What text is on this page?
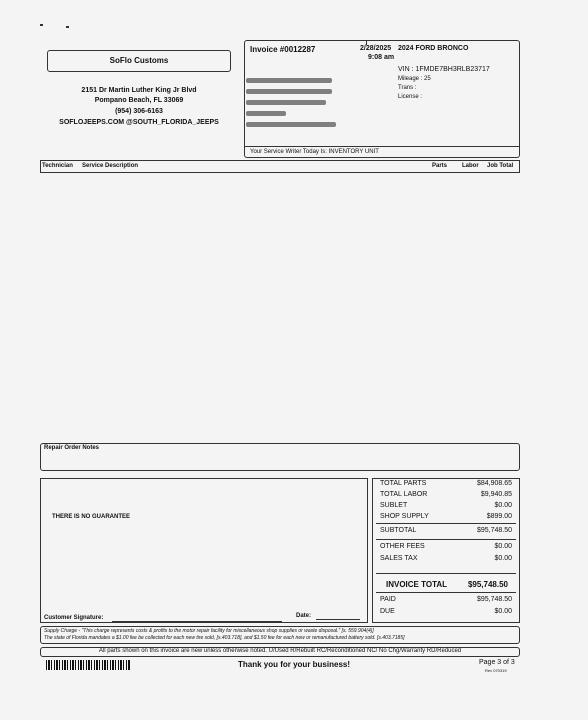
SoFlo Customs
2151 Dr Martin Luther King Jr Blvd
Pompano Beach, FL 33069
(954) 306-6163
SOFLOJEEPS.COM @SOUTH_FLORIDA_JEEPS
Invoice #0012287	2/28/2025
9:08 am
2024 FORD BRONCO
VIN : 1FMDE7BH3RLB23717
Mileage : 25
Trans :
License :
Your Service Writer Today Is: INVENTORY UNIT
Technician Service Description	Parts Labor Job Total
Repair Order Notes
THERE IS NO GUARANTEE
Customer Signature:	Date:
TOTAL PARTS	$84,908.65
TOTAL LABOR	$9,940.85
SUBLET	$0.00
SHOP SUPPLY	$899.00
SUBTOTAL	$95,748.50
OTHER FEES	$0.00
SALES TAX	$0.00
INVOICE TOTAL	$95,748.50
PAID	$95,748.50
DUE	$0.00
Supply Charge - "This charge represents costs & profits to the motor repair facility for miscellaneous shop supplies or waste disposal." [s. 559.904(4)]
The state of Florida mandates a $1.00 fee be collected for each new tire sold, [s.403.718], and $1.50 fee for each new or remanufactured battery sold. [s.403.7185]
All parts shown on this invoice are new unless otherwise noted. U/Used R/Rebuilt RC/Reconditioned NC/ No Chg/Warranty RD/Reduced
Thank you for your business!	Page 3 of 3
Rev 070319
